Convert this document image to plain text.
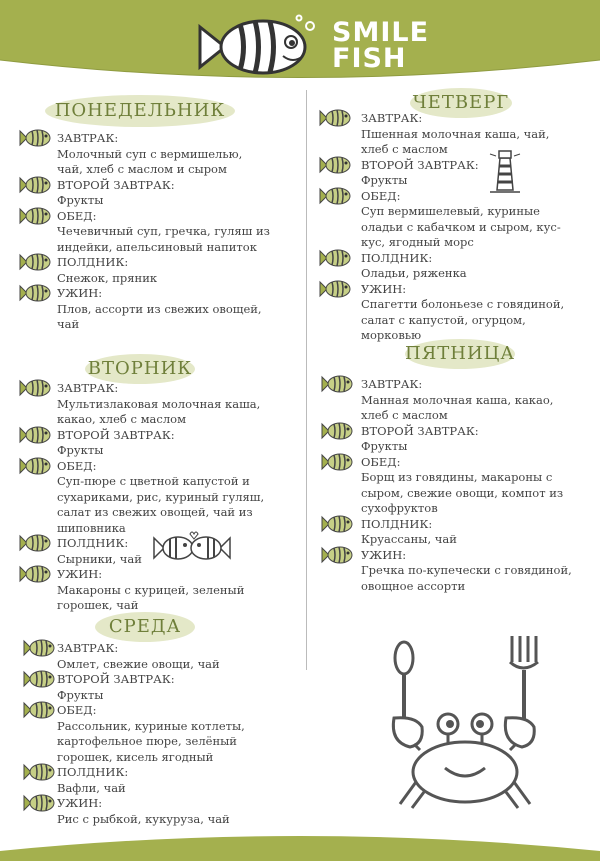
SMILE
FISH
ПОНЕДЕЛЬНИК
ЗАВТРАК:
Молочный суп с вермишелью,
чай, хлеб с маслом и сыром
ВТОРОЙ ЗАВТРАК:
Фрукты
ОБЕД:
Чечевичный суп, гречка, гуляш из
индейки, апельсиновый напиток
ПОЛДНИК:
Снежок, пряник
УЖИН:
Плов, ассорти из свежих овощей,
чай
ВТОРНИК
ЗАВТРАК:
Мультизлаковая молочная каша,
какао, хлеб с маслом
ВТОРОЙ ЗАВТРАК:
Фрукты
ОБЕД:
Суп-пюре с цветной капустой и
сухариками, рис, куриный гуляш,
салат из свежих овощей, чай из
шиповника
ПОЛДНИК:
Сырники, чай
УЖИН:
Макароны с курицей, зеленый
горошек, чай
СРЕДА
ЗАВТРАК:
Омлет, свежие овощи, чай
ВТОРОЙ ЗАВТРАК:
Фрукты
ОБЕД:
Рассольник, куриные котлеты,
картофельное пюре, зелёный
горошек, кисель ягодный
ПОЛДНИК:
Вафли, чай
УЖИН:
Рис с рыбкой, кукуруза, чай
ЧЕТВЕРГ
ЗАВТРАК:
Пшенная молочная каша, чай,
хлеб с маслом
ВТОРОЙ ЗАВТРАК:
Фрукты
ОБЕД:
Суп вермишелевый, куриные
оладьи с кабачком и сыром, кус-
кус, ягодный морс
ПОЛДНИК:
Оладьи, ряженка
УЖИН:
Спагетти болоньезе с говядиной,
салат с капустой, огурцом,
морковью
ПЯТНИЦА
ЗАВТРАК:
Манная молочная каша, какао,
хлеб с маслом
ВТОРОЙ ЗАВТРАК:
Фрукты
ОБЕД:
Борщ из говядины, макароны с
сыром, свежие овощи, компот из
сухофруктов
ПОЛДНИК:
Круассаны, чай
УЖИН:
Гречка по-купечески с говядиной,
овощное ассорти
